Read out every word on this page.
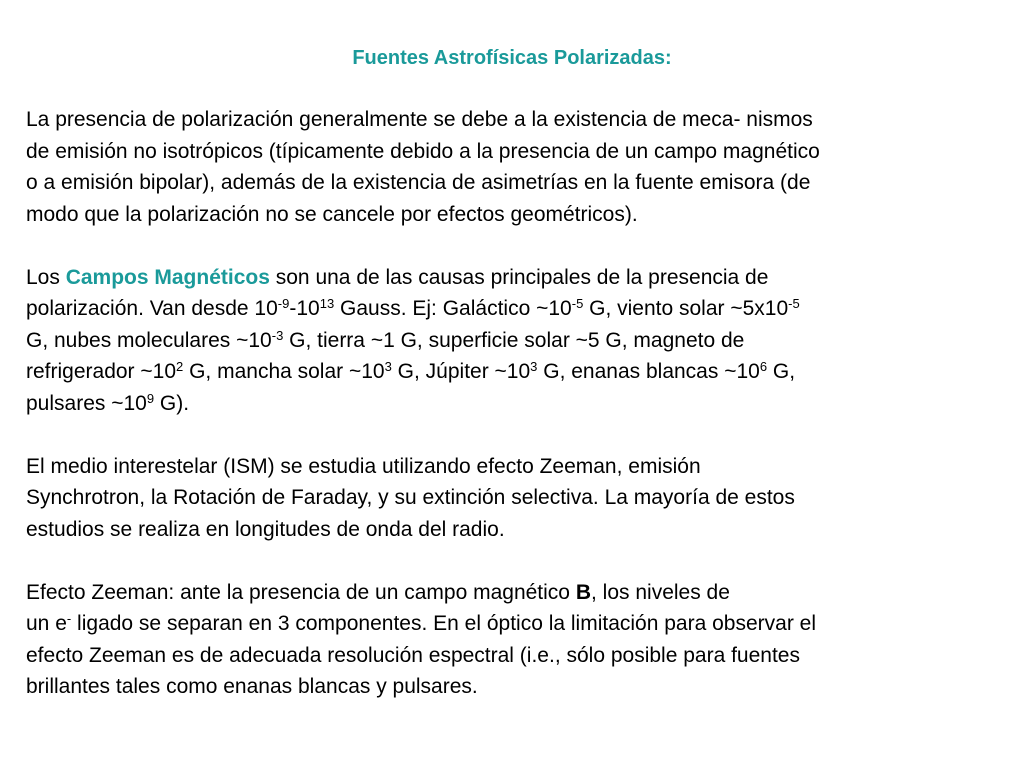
Fuentes Astrofísicas Polarizadas:
La presencia de polarización generalmente se debe a la existencia de meca- nismos
de emisión no isotrópicos (típicamente debido a la presencia de un campo magnético
o a emisión bipolar), además de la existencia de asimetrías en la fuente emisora (de
modo que la polarización no se cancele por efectos geométricos).
Los Campos Magnéticos son una de las causas principales de la presencia de
polarización. Van desde $10^{-9}-10^{13}$ Gauss. Ej: Galáctico $\sim 10^{-5}$ G, viento solar $\sim 5x10^{-5}$
G, nubes moleculares $\sim 10^{-3}$ G, tierra ~1 G, superficie solar ~5 G, magneto de
refrigerador $\sim 10^2$ G, mancha solar $\sim 10^3$ G, Júpiter $\sim 10^3$ G, enanas blancas $\sim 10^6$ G,
pulsares $\sim 10^9$ G).
El medio interestelar (ISM) se estudia utilizando efecto Zeeman, emisión
Synchrotron, la Rotación de Faraday, y su extinción selectiva. La mayoría de estos
estudios se realiza en longitudes de onda del radio.
Efecto Zeeman: ante la presencia de un campo magnético B, los niveles de
un e- ligado se separan en 3 componentes. En el óptico la limitación para observar el
efecto Zeeman es de adecuada resolución espectral (i.e., sólo posible para fuentes
brillantes tales como enanas blancas y pulsares.
